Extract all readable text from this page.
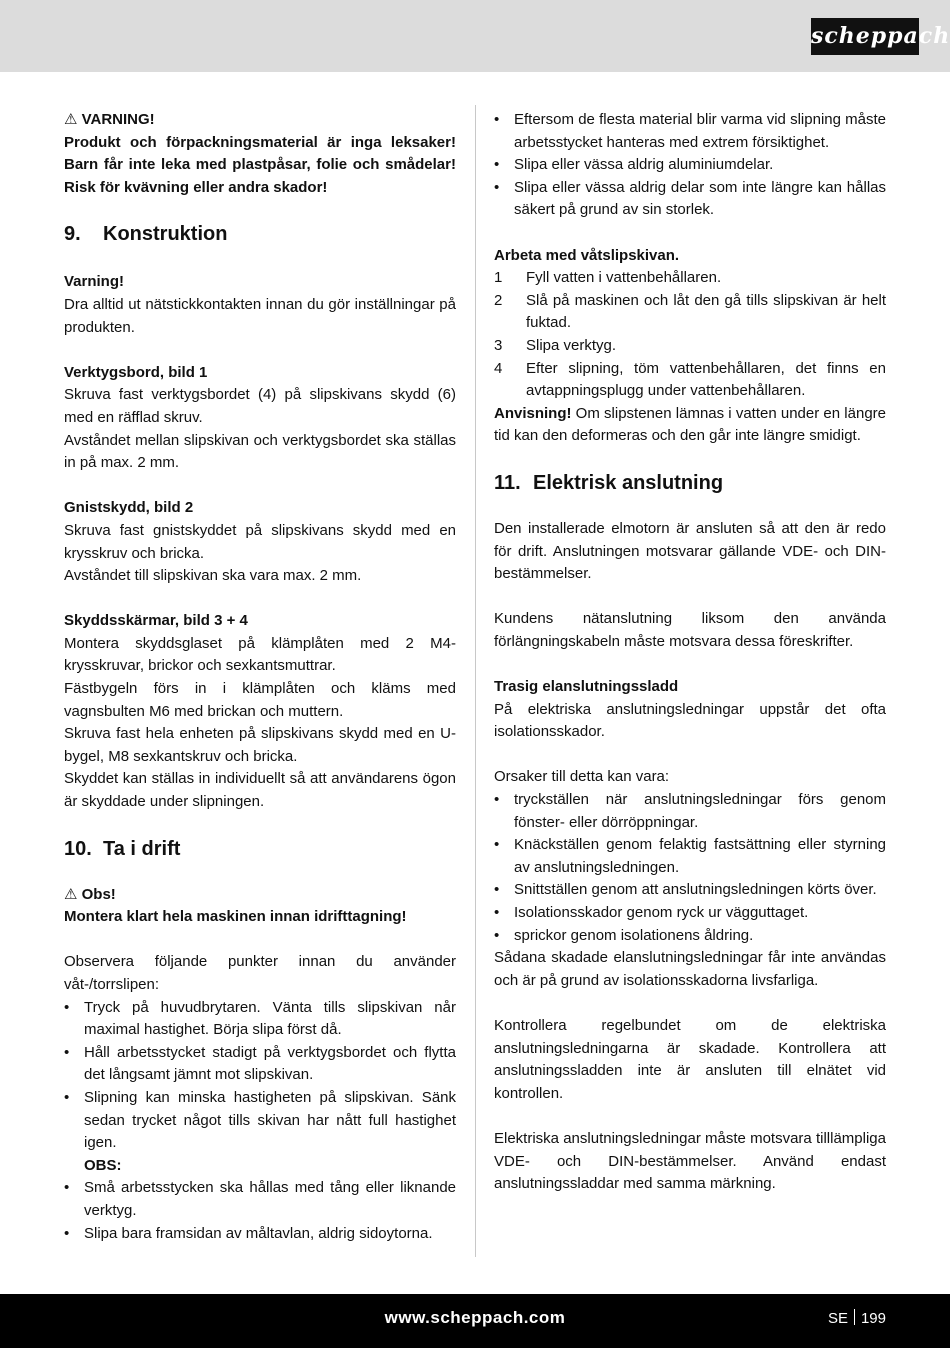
scheppach

⚠ VARNING!

Produkt och förpackningsmaterial är inga leksaker! Barn får inte leka med plastpåsar, folie och smådelar! Risk för kvävning eller andra skador!

9. Konstruktion

Varning!

Dra alltid ut nätstickkontakten innan du gör inställningar på produkten.

Verktygsbord, bild 1

Skruva fast verktygsbordet (4) på slipskivans skydd (6) med en räfflad skruv.

Avståndet mellan slipskivan och verktygsbordet ska ställas in på max. 2 mm.

Gnistskydd, bild 2

Skruva fast gnistskyddet på slipskivans skydd med en krysskruv och bricka.

Avståndet till slipskivan ska vara max. 2 mm.

Skyddsskärmar, bild 3 + 4

Montera skyddsglaset på klämplåten med 2 M4-krysskruvar, brickor och sexkantsmuttrar.

Fästbygeln förs in i klämplåten och kläms med vagnsbulten M6 med brickan och muttern.

Skruva fast hela enheten på slipskivans skydd med en U-bygel, M8 sexkantskruv och bricka.

Skyddet kan ställas in individuellt så att användarens ögon är skyddade under slipningen.

10. Ta i drift

⚠ Obs!

Montera klart hela maskinen innan idrifttagning!

Observera följande punkter innan du använder våt-/torrslipen:

• Tryck på huvudbrytaren. Vänta tills slipskivan når maximal hastighet. Börja slipa först då.
• Håll arbetsstycket stadigt på verktygsbordet och flytta det långsamt jämnt mot slipskivan.
• Slipning kan minska hastigheten på slipskivan. Sänk sedan trycket något tills skivan har nått full hastighet igen.

OBS:

• Små arbetsstycken ska hållas med tång eller liknande verktyg.
• Slipa bara framsidan av måltavlan, aldrig sidoytorna.
• Eftersom de flesta material blir varma vid slipning måste arbetsstycket hanteras med extrem försiktighet.
• Slipa eller vässa aldrig aluminiumdelar.
• Slipa eller vässa aldrig delar som inte längre kan hållas säkert på grund av sin storlek.

Arbeta med våtslipskivan.

1 Fyll vatten i vattenbehållaren.
2 Slå på maskinen och låt den gå tills slipskivan är helt fuktad.
3 Slipa verktyg.
4 Efter slipning, töm vattenbehållaren, det finns en avtappningsplugg under vattenbehållaren.

Anvisning! Om slipstenen lämnas i vatten under en längre tid kan den deformeras och den går inte längre smidigt.

11. Elektrisk anslutning

Den installerade elmotorn är ansluten så att den är redo för drift. Anslutningen motsvarar gällande VDE- och DIN-bestämmelser.

Kundens nätanslutning liksom den använda förlängningskabeln måste motsvara dessa föreskrifter.

Trasig elanslutningssladd

På elektriska anslutningsledningar uppstår det ofta isolationsskador.

Orsaker till detta kan vara:

• tryckställen när anslutningsledningar förs genom fönster- eller dörröppningar.
• Knäckställen genom felaktig fastsättning eller styrning av anslutningsledningen.
• Snittställen genom att anslutningsledningen körts över.
• Isolationsskador genom ryck ur vägguttaget.
• sprickor genom isolationens åldring.

Sådana skadade elanslutningsledningar får inte användas och är på grund av isolationsskadorna livsfarliga.

Kontrollera regelbundet om de elektriska anslutningsledningarna är skadade. Kontrollera att anslutningssladden inte är ansluten till elnätet vid kontrollen.

Elektriska anslutningsledningar måste motsvara tilllämpliga VDE- och DIN-bestämmelser. Använd endast anslutningssladdar med samma märkning.

www.scheppach.com	SE 199
